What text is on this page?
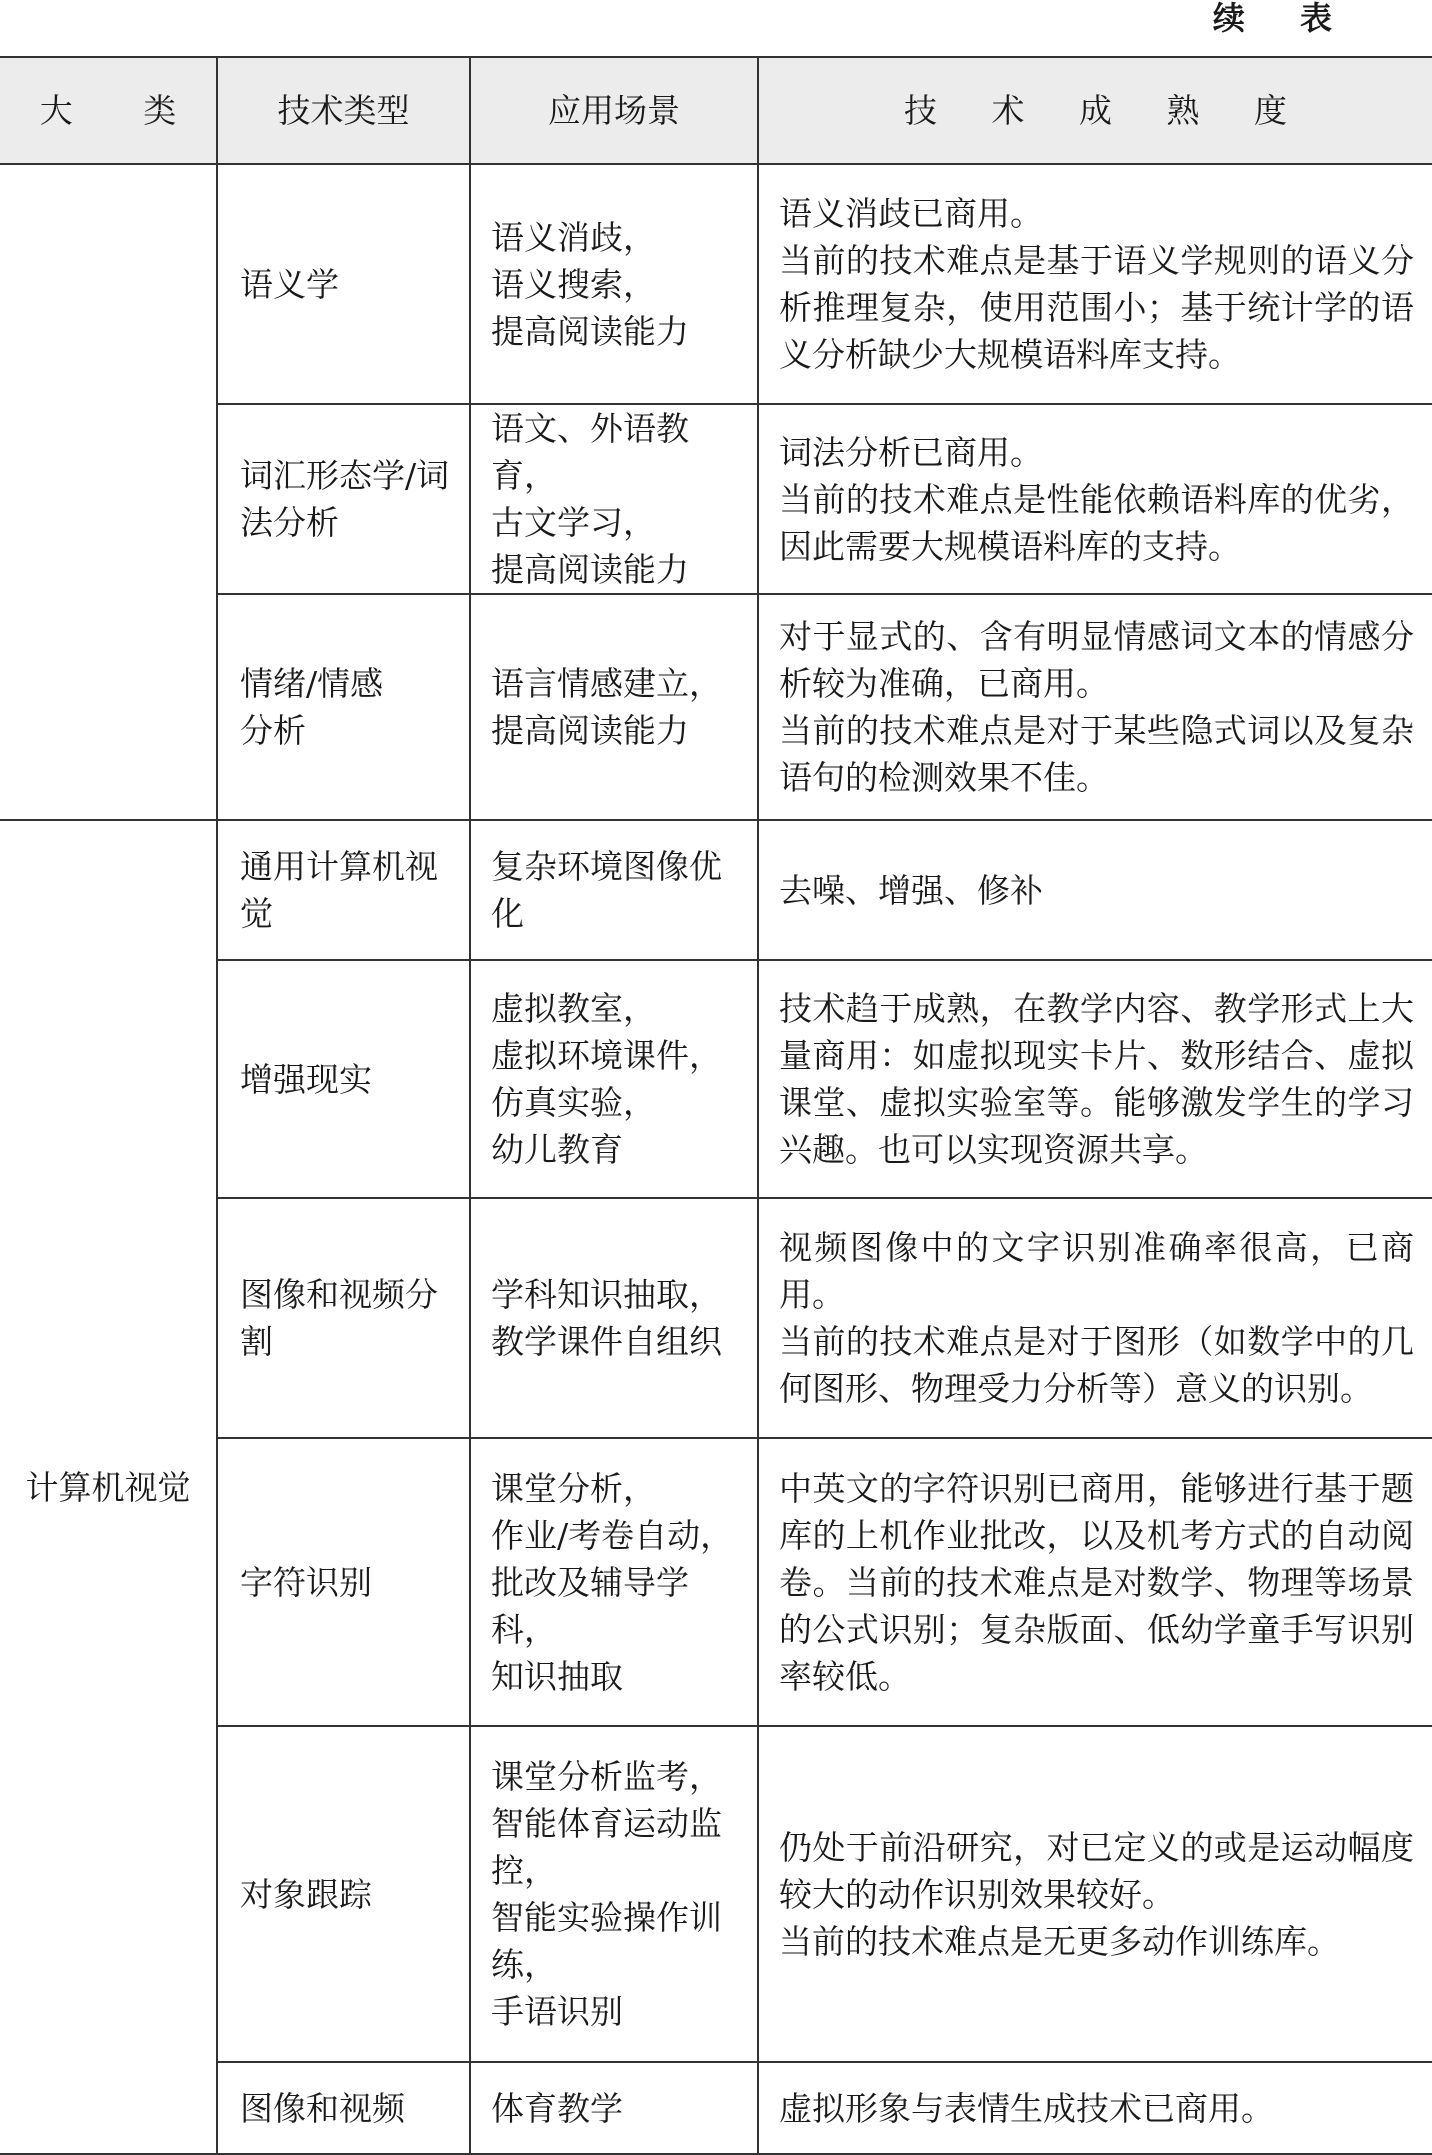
续 表
大 类	技术类型	应用场景	技 术 成 熟 度
	语义学	语义消歧，
语义搜索，
提高阅读能力	语义消歧已商用。
当前的技术难点是基于语义学规则的语义分析推理复杂，使用范围小；基于统计学的语义分析缺少大规模语料库支持。
	词汇形态学/词法分析	语文、外语教育，
古文学习，
提高阅读能力	词法分析已商用。
当前的技术难点是性能依赖语料库的优劣，因此需要大规模语料库的支持。
	情绪/情感
分析	语言情感建立，
提高阅读能力	对于显式的、含有明显情感词文本的情感分析较为准确，已商用。
当前的技术难点是对于某些隐式词以及复杂语句的检测效果不佳。
计算机视觉	通用计算机视觉	复杂环境图像优化	去噪、增强、修补
	增强现实	虚拟教室，
虚拟环境课件，
仿真实验，
幼儿教育	技术趋于成熟，在教学内容、教学形式上大量商用：如虚拟现实卡片、数形结合、虚拟课堂、虚拟实验室等。能够激发学生的学习兴趣。也可以实现资源共享。
	图像和视频分割	学科知识抽取，
教学课件自组织	视频图像中的文字识别准确率很高，已商用。
当前的技术难点是对于图形（如数学中的几何图形、物理受力分析等）意义的识别。
	字符识别	课堂分析，
作业/考卷自动，
批改及辅导学科，
知识抽取	中英文的字符识别已商用，能够进行基于题库的上机作业批改，以及机考方式的自动阅卷。当前的技术难点是对数学、物理等场景的公式识别；复杂版面、低幼学童手写识别率较低。
	对象跟踪	课堂分析监考，
智能体育运动监控，
智能实验操作训练，
手语识别	仍处于前沿研究，对已定义的或是运动幅度较大的动作识别效果较好。
当前的技术难点是无更多动作训练库。
	图像和视频	体育教学	虚拟形象与表情生成技术已商用。
